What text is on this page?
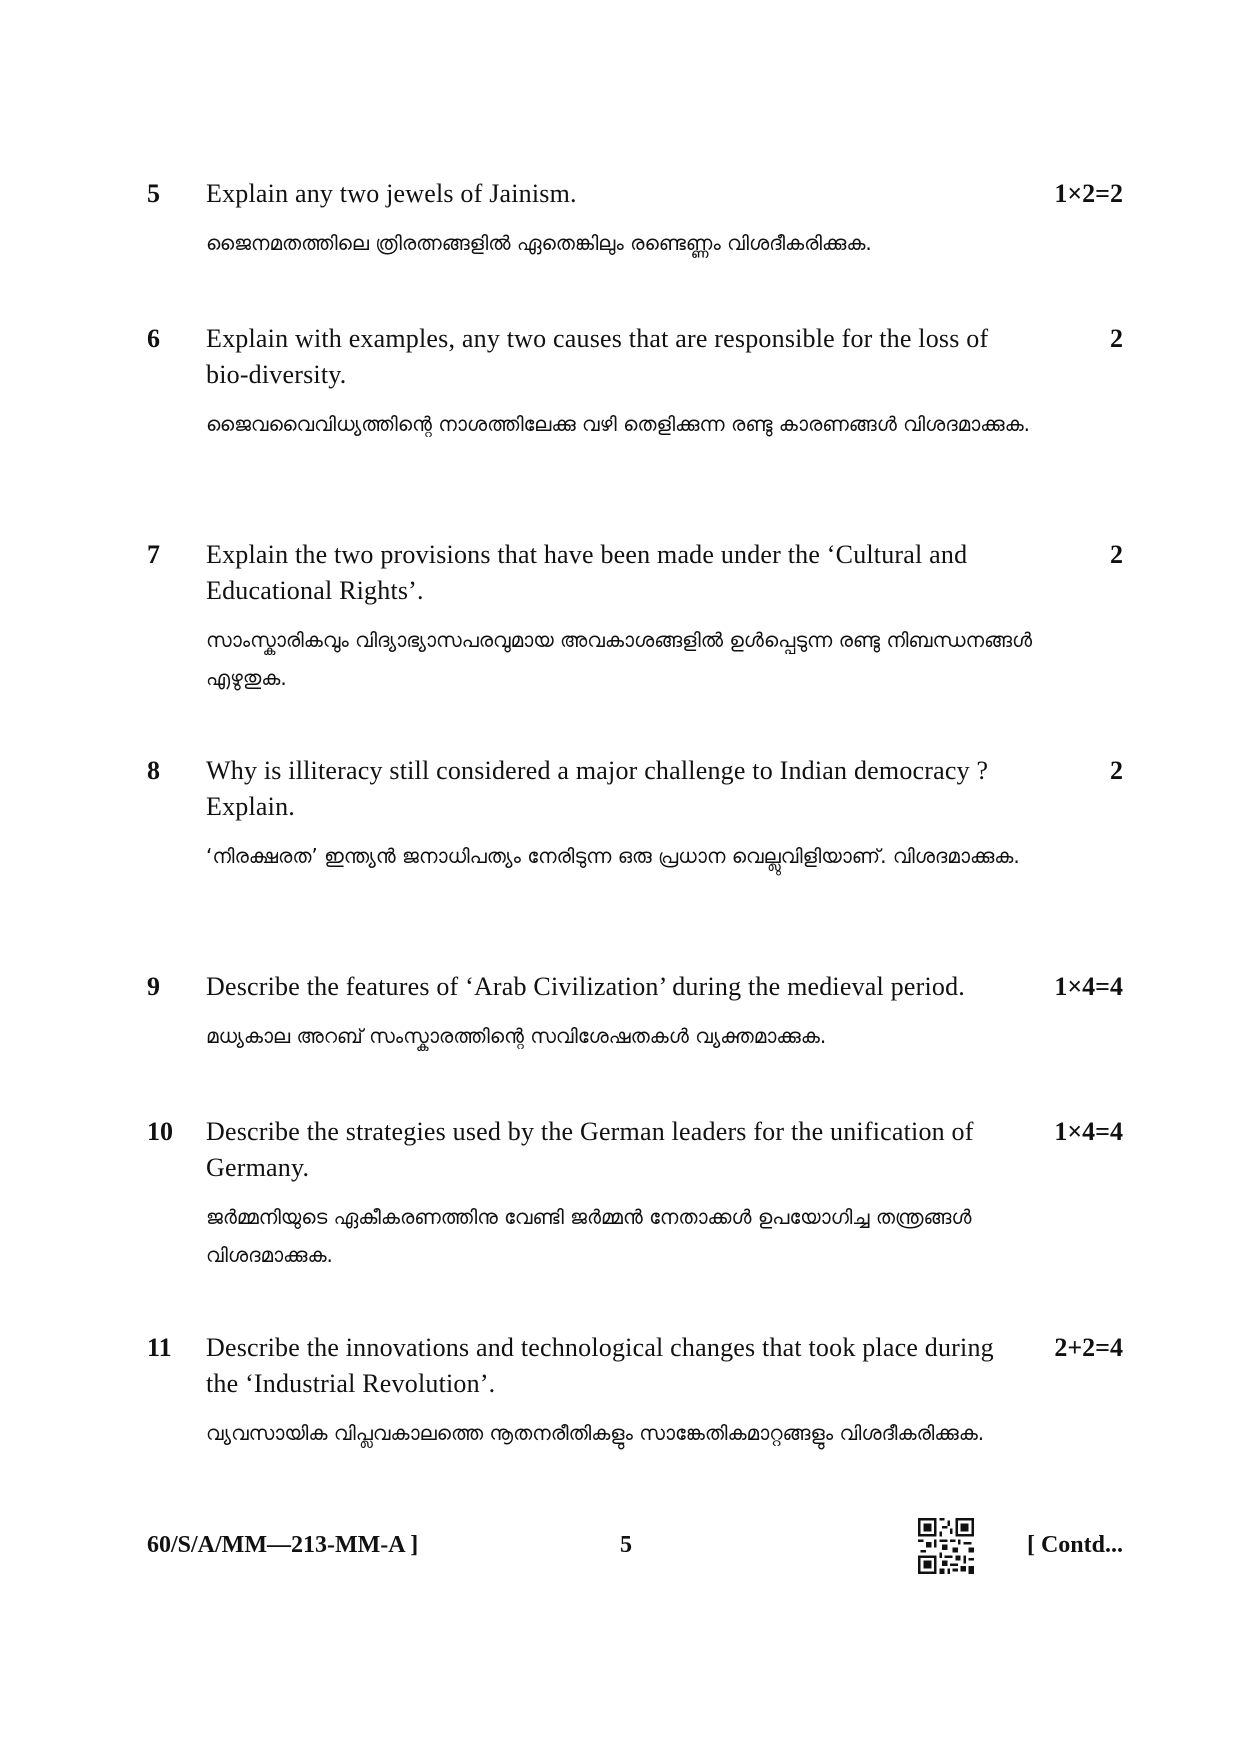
5 Explain any two jewels of Jainism.	1×2=2
ജൈനമതത്തിലെ ത്രിരത്നങ്ങളിൽ ഏതെങ്കിലും രണ്ടെണ്ണം വിശദീകരിക്കുക.
6 Explain with examples, any two causes that are responsible for the loss of bio-diversity.
2
ജൈവവൈവിധ്യത്തിന്റെ നാശത്തിലേക്കു വഴി തെളിക്കുന്ന രണ്ടു കാരണങ്ങൾ വിശദമാക്കുക.
7 Explain the two provisions that have been made under the ‘Cultural and Educational Rights’.
2
സാംസ്കാരികവും വിദ്യാഭ്യാസപരവുമായ അവകാശങ്ങളിൽ ഉൾപ്പെടുന്ന രണ്ടു നിബന്ധനങ്ങൾ എഴുതുക.
8 Why is illiteracy still considered a major challenge to Indian democracy ? Explain.
2
‘നിരക്ഷരത’ ഇന്ത്യൻ ജനാധിപത്യം നേരിടുന്ന ഒരു പ്രധാന വെല്ലുവിളിയാണ്. വിശദമാക്കുക.
9 Describe the features of ‘Arab Civilization’ during the medieval period.	1×4=4
മധ്യകാല അറബ് സംസ്കാരത്തിന്റെ സവിശേഷതകൾ വ്യക്തമാക്കുക.
10 Describe the strategies used by the German leaders for the unification of Germany.
1×4=4
ജർമ്മനിയുടെ ഏകീകരണത്തിനു വേണ്ടി ജർമ്മൻ നേതാക്കൾ ഉപയോഗിച്ച തന്ത്രങ്ങൾ വിശദമാക്കുക.
11 Describe the innovations and technological changes that took place during the ‘Industrial Revolution’.
2+2=4
വ്യവസായിക വിപ്ലവകാലത്തെ നൂതനരീതികളും സാങ്കേതികമാറ്റങ്ങളും വിശദീകരിക്കുക.
60/S/A/MM—213-MM-A ]	5	[ Contd...
